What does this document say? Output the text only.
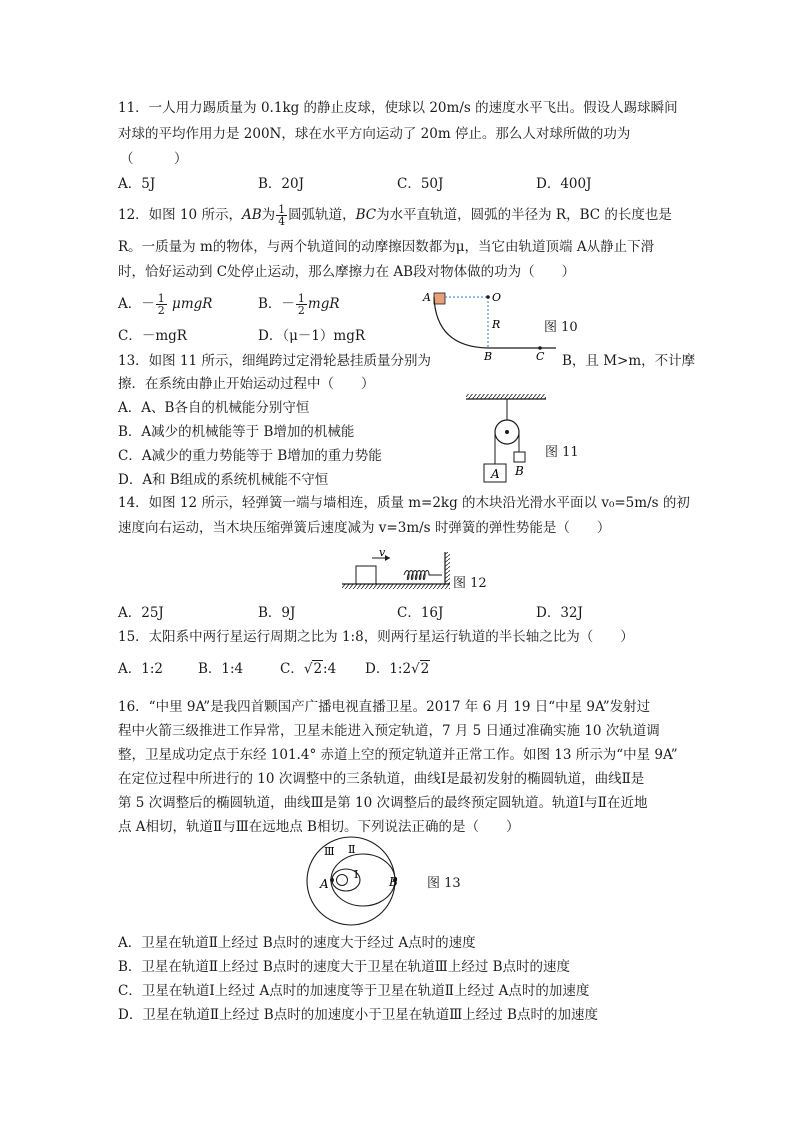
11．一人用力踢质量为 0.1kg 的静止皮球，使球以 20m/s 的速度水平飞出。假设人踢球瞬间
对球的平均作用力是 200N，球在水平方向运动了 20m 停止。那么人对球所做的功为
（　　　）
A．5J	B．20J	C．50J	D．400J
12．如图 10 所示，AB为 $\frac{1}{4}$ 圆弧轨道，BC为水平直轨道，圆弧的半径为 R，BC 的长度也是
R。一质量为 m的物体，与两个轨道间的动摩擦因数都为μ，当它由轨道顶端 A从静止下滑
时，恰好运动到 C处停止运动，那么摩擦力在 AB段对物体做的功为（　　）
A．－ $\frac{1}{2}$ μmgR	B．－ $\frac{1}{2}$ mgR
C．－mgR	D．（μ－1）mgR
A	O
R
B	C
图 10
13．如图 11 所示，细绳跨过定滑轮悬挂质量分别为	B，且 M>m，不计摩
擦．在系统由静止开始运动过程中（　　）
A．A、B各自的机械能分别守恒
B．A减少的机械能等于 B增加的机械能
C．A减少的重力势能等于 B增加的重力势能
D．A和 B组成的系统机械能不守恒	A B
图 11
14．如图 12 所示，轻弹簧一端与墙相连，质量 m=2kg 的木块沿光滑水平面以 v₀=5m/s 的初
速度向右运动，当木块压缩弹簧后速度减为 v=3m/s 时弹簧的弹性势能是（　　）
v
图 12
A．25J	B．9J	C．16J	D．32J
15．太阳系中两行星运行周期之比为 1:8，则两行星运行轨道的半长轴之比为（　　）
A．1:2	B．1:4	C．√2:4 D．1:2√2
16．“中里 9A”是我四首颗国产广播电视直播卫星。2017 年 6 月 19 日“中星 9A”发射过
程中火箭三级推进工作异常，卫星未能进入预定轨道，7 月 5 日通过准确实施 10 次轨道调
整，卫星成功定点于东经 101.4° 赤道上空的预定轨道并正常工作。如图 13 所示为“中星 9A”
在定位过程中所进行的 10 次调整中的三条轨道，曲线Ⅰ是最初发射的椭圆轨道，曲线Ⅱ是
第 5 次调整后的椭圆轨道，曲线Ⅲ是第 10 次调整后的最终预定圆轨道。轨道Ⅰ与Ⅱ在近地
点 A相切，轨道Ⅱ与Ⅲ在远地点 B相切。下列说法正确的是（　　）
A	B
Ⅲ Ⅱ
Ⅰ
图 13
A．卫星在轨道Ⅱ上经过 B点时的速度大于经过 A点时的速度
B．卫星在轨道Ⅱ上经过 B点时的速度大于卫星在轨道Ⅲ上经过 B点时的速度
C．卫星在轨道Ⅰ上经过 A点时的加速度等于卫星在轨道Ⅱ上经过 A点时的加速度
D．卫星在轨道Ⅱ上经过 B点时的加速度小于卫星在轨道Ⅲ上经过 B点时的加速度
